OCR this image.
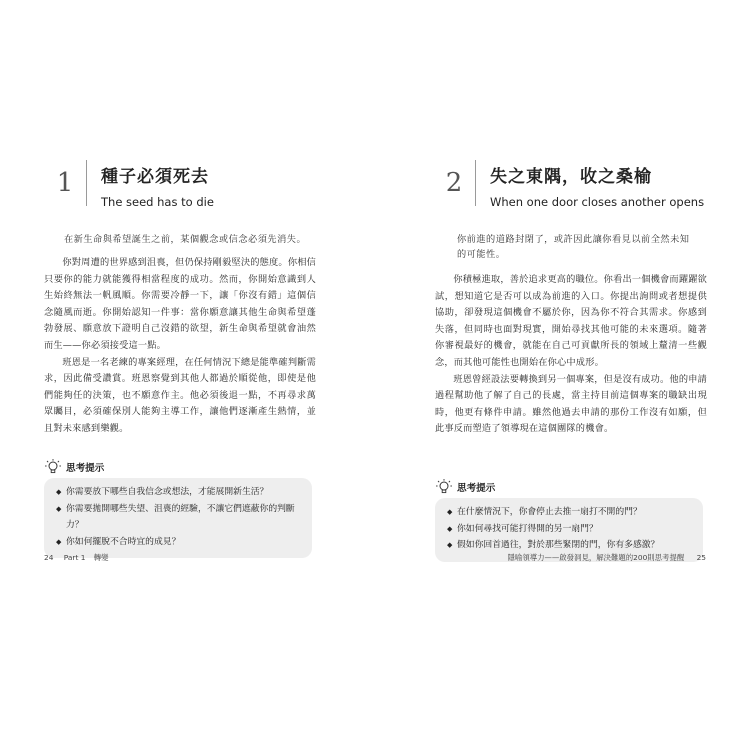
1	種子必須死去
The seed has to die
在新生命與希望誕生之前，某個觀念或信念必須先消失。

你對周遭的世界感到沮喪，但仍保持剛毅堅決的態度。你相信只要你的能力就能獲得相當程度的成功。然而，你開始意識到人生始終無法一帆風順。你需要冷靜一下，讓「你沒有錯」這個信念隨風而逝。你開始認知一件事：當你願意讓其他生命與希望蓬勃發展、願意放下證明自己沒錯的欲望，新生命與希望就會油然而生——你必須接受這一點。

班恩是一名老練的專案經理，在任何情況下總是能準確判斷需求，因此備受讚賞。班恩察覺到其他人都過於順從他，即使是他們能夠任的決策，也不願意作主。他必須後退一點，不再尋求萬眾矚目，必須確保別人能夠主導工作，讓他們逐漸產生熱情，並且對未來感到樂觀。

思考提示
◆ 你需要放下哪些自我信念或想法，才能展開新生活？
◆ 你需要拋開哪些失望、沮喪的經驗，不讓它們遮蔽你的判斷力？
◆ 你如何擺脫不合時宜的成見？
24 Part 1 轉變
2	失之東隅，收之桑榆
When one door closes another opens
你前進的道路封閉了，或許因此讓你看見以前全然未知的可能性。

你積極進取，善於追求更高的職位。你看出一個機會而躍躍欲試，想知道它是否可以成為前進的入口。你提出詢問或者想提供協助，卻發現這個機會不屬於你，因為你不符合其需求。你感到失落，但同時也面對現實，開始尋找其他可能的未來選項。隨著你審視最好的機會，就能在自己可貢獻所長的領域上釐清一些觀念，而其他可能性也開始在你心中成形。

班恩曾經設法要轉換到另一個專案，但是沒有成功。他的申請過程幫助他了解了自己的長處，當主持目前這個專案的職缺出現時，他更有條件申請。雖然他過去申請的那份工作沒有如願，但此事反而塑造了領導現在這個團隊的機會。

思考提示
◆ 在什麼情況下，你會停止去推一扇打不開的門？
◆ 你如何尋找可能打得開的另一扇門？
◆ 假如你回首過往，對於那些緊閉的門，你有多感激？
隱喻領導力——啟發洞見，解決難題的200則思考提醒 25
